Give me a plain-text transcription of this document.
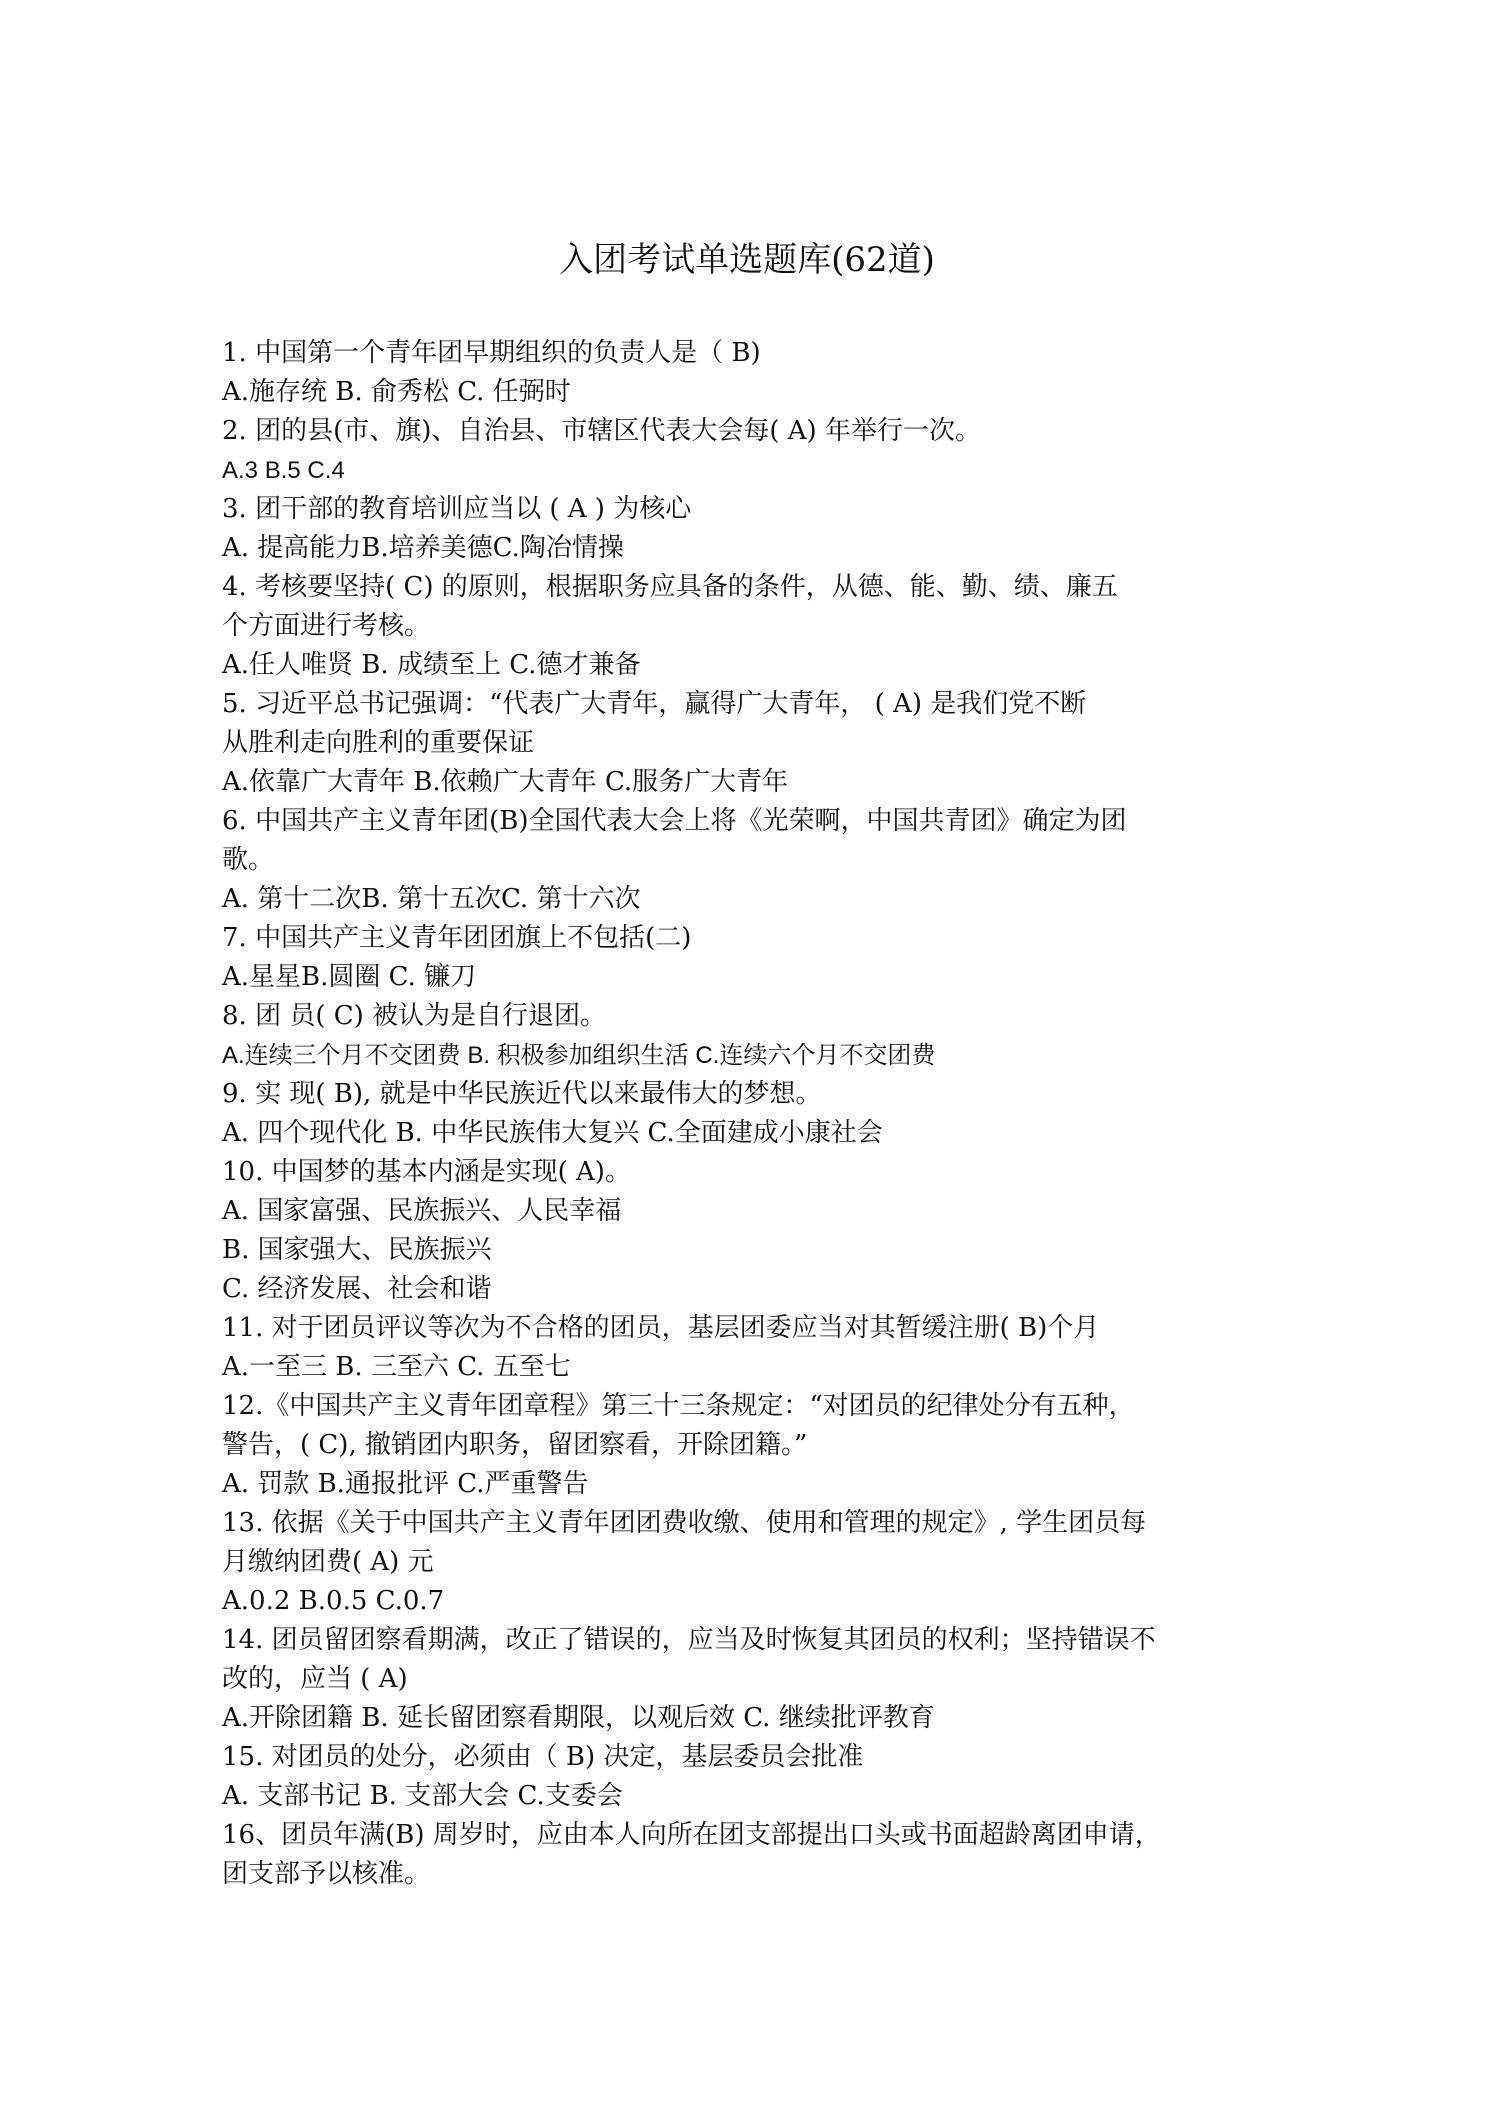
入团考试单选题库(62道)
1. 中国第一个青年团早期组织的负责人是（ B)
A.施存统 B. 俞秀松 C. 任弼时
2. 团的县(市、旗)、自治县、市辖区代表大会每( A) 年举行一次。
A.3 B.5 C.4
3. 团干部的教育培训应当以 ( A ) 为核心
A. 提高能力B.培养美德C.陶冶情操
4. 考核要坚持( C) 的原则，根据职务应具备的条件，从德、能、勤、绩、廉五
个方面进行考核。
A.任人唯贤 B. 成绩至上 C.德才兼备
5. 习近平总书记强调：“代表广大青年，赢得广大青年， ( A) 是我们党不断
从胜利走向胜利的重要保证
A.依靠广大青年 B.依赖广大青年 C.服务广大青年
6. 中国共产主义青年团(B)全国代表大会上将《光荣啊，中国共青团》确定为团
歌。
A. 第十二次B. 第十五次C. 第十六次
7. 中国共产主义青年团团旗上不包括(二)
A.星星B.圆圈 C. 镰刀
8. 团 员( C) 被认为是自行退团。
A.连续三个月不交团费 B. 积极参加组织生活 C.连续六个月不交团费
9. 实 现( B), 就是中华民族近代以来最伟大的梦想。
A. 四个现代化 B. 中华民族伟大复兴 C.全面建成小康社会
10. 中国梦的基本内涵是实现( A)。
A. 国家富强、民族振兴、人民幸福
B. 国家强大、民族振兴
C. 经济发展、社会和谐
11. 对于团员评议等次为不合格的团员，基层团委应当对其暂缓注册( B)个月
A.一至三 B. 三至六 C. 五至七
12.《中国共产主义青年团章程》第三十三条规定：“对团员的纪律处分有五种，
警告，( C), 撤销团内职务，留团察看，开除团籍。”
A. 罚款 B.通报批评 C.严重警告
13. 依据《关于中国共产主义青年团团费收缴、使用和管理的规定》, 学生团员每
月缴纳团费( A) 元
A.0.2 B.0.5 C.0.7
14. 团员留团察看期满，改正了错误的，应当及时恢复其团员的权利；坚持错误不
改的，应当 ( A)
A.开除团籍 B. 延长留团察看期限，以观后效 C. 继续批评教育
15. 对团员的处分，必须由（ B) 决定，基层委员会批准
A. 支部书记 B. 支部大会 C.支委会
16、团员年满(B) 周岁时，应由本人向所在团支部提出口头或书面超龄离团申请，
团支部予以核准。
